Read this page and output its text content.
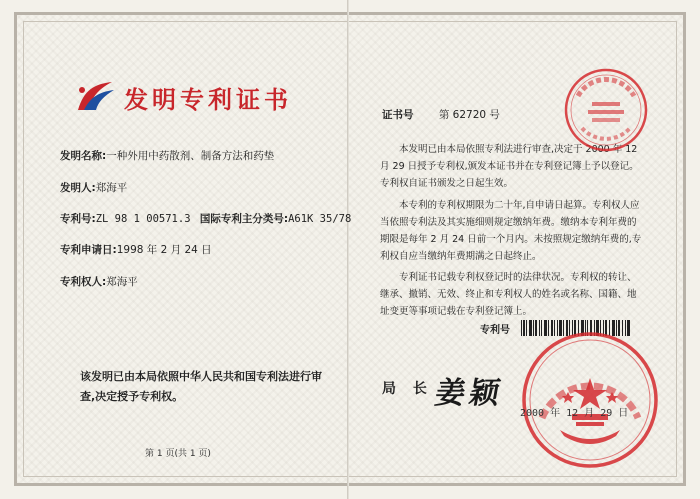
发明专利证书
发明名称:一种外用中药散剂、制备方法和药垫
发明人:郑海平
专利号:ZL 98 1 00571.3 国际专利主分类号:A61K 35/78
专利申请日:1998 年 2 月 24 日
专利权人:郑海平
该发明已由本局依照中华人民共和国专利法进行审查,决定授予专利权。
第 1 页(共 1 页)
证书号 第 62720 号
本发明已由本局依照专利法进行审查,决定于 2000 年 12 月 29 日授予专利权,颁发本证书并在专利登记簿上予以登记。专利权自证书颁发之日起生效。
本专利的专利权期限为二十年,自申请日起算。专利权人应当依照专利法及其实施细则规定缴纳年费。缴纳本专利年费的期限是每年 2 月 24 日前一个月内。未按照规定缴纳年费的,专利权自应当缴纳年费期满之日起终止。
专利证书记载专利权登记时的法律状况。专利权的转让、继承、撤销、无效、终止和专利权人的姓名或名称、国籍、地址变更等事项记载在专利登记簿上。
专利号
局 长 姜颖
2000 年 12 月 29 日
